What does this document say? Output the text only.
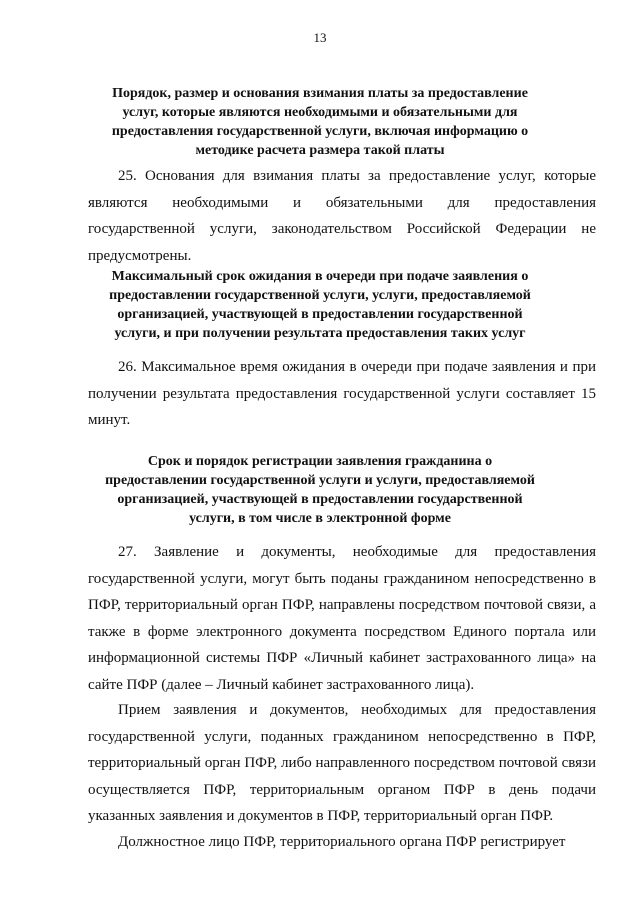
13
Порядок, размер и основания взимания платы за предоставление услуг, которые являются необходимыми и обязательными для предоставления государственной услуги, включая информацию о методике расчета размера такой платы
25. Основания для взимания платы за предоставление услуг, которые являются необходимыми и обязательными для предоставления государственной услуги, законодательством Российской Федерации не предусмотрены.
Максимальный срок ожидания в очереди при подаче заявления о предоставлении государственной услуги, услуги, предоставляемой организацией, участвующей в предоставлении государственной услуги, и при получении результата предоставления таких услуг
26. Максимальное время ожидания в очереди при подаче заявления и при получении результата предоставления государственной услуги составляет 15 минут.
Срок и порядок регистрации заявления гражданина о предоставлении государственной услуги и услуги, предоставляемой организацией, участвующей в предоставлении государственной услуги, в том числе в электронной форме
27. Заявление и документы, необходимые для предоставления государственной услуги, могут быть поданы гражданином непосредственно в ПФР, территориальный орган ПФР, направлены посредством почтовой связи, а также в форме электронного документа посредством Единого портала или информационной системы ПФР «Личный кабинет застрахованного лица» на сайте ПФР (далее – Личный кабинет застрахованного лица).
Прием заявления и документов, необходимых для предоставления государственной услуги, поданных гражданином непосредственно в ПФР, территориальный орган ПФР, либо направленного посредством почтовой связи осуществляется ПФР, территориальным органом ПФР в день подачи указанных заявления и документов в ПФР, территориальный орган ПФР.
Должностное лицо ПФР, территориального органа ПФР регистрирует
